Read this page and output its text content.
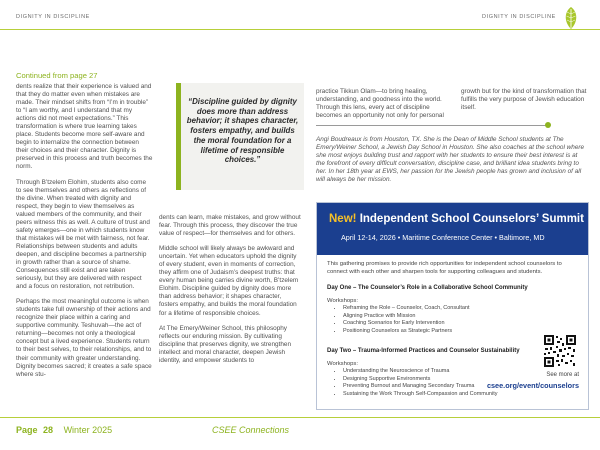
DIGNITY IN DISCIPLINE	DIGNITY IN DISCIPLINE
Continued from page 27

dents realize that their experience is valued and that they do matter even when mistakes are made. Their mindset shifts from “I’m in trouble” to “I am worthy, and I understand that my actions did not meet expectations.” This transformation is where true learning takes place. Students become more self-aware and begin to internalize the connection between their choices and their character. Dignity is preserved in this process and truth becomes the norm.

Through B’tzelem Elohim, students also come to see themselves and others as reflections of the divine. When treated with dignity and respect, they begin to view themselves as valued members of the community, and their peers witness this as well. A culture of trust and safety emerges—one in which students know that mistakes will be met with fairness, not fear. Relationships between students and adults deepen, and discipline becomes a partnership in growth rather than a source of shame. Consequences still exist and are taken seriously, but they are delivered with respect and a focus on restoration, not retribution.

Perhaps the most meaningful outcome is when students take full ownership of their actions and recognize their place within a caring and supportive community. Teshuvah—the act of returning—becomes not only a theological concept but a lived experience. Students return to their best selves, to their relationships, and to their community with greater understanding. Dignity becomes sacred; it creates a safe space where stu-

“Discipline guided by dignity does more than address behavior; it shapes character, fosters empathy, and builds the moral foundation for a lifetime of responsible choices.”

dents can learn, make mistakes, and grow without fear. Through this process, they discover the true value of respect—for themselves and for others.

Middle school will likely always be awkward and uncertain. Yet when educators uphold the dignity of every student, even in moments of correction, they affirm one of Judaism’s deepest truths: that every human being carries divine worth, B’tzelem Elohim. Discipline guided by dignity does more than address behavior; it shapes character, fosters empathy, and builds the moral foundation for a lifetime of responsible choices.

At The Emery/Weiner School, this philosophy reflects our enduring mission. By cultivating discipline that preserves dignity, we strengthen intellect and moral character, deepen Jewish identity, and empower students to

practice Tikkun Olam—to bring healing, understanding, and goodness into the world. Through this lens, every act of discipline becomes an opportunity not only for personal
growth but for the kind of transformation that fulfills the very purpose of Jewish education itself.
Angi Boudreaux is from Houston, TX. She is the Dean of Middle School students at The Emery/Weiner School, a Jewish Day School in Houston. She also coaches at the school where she most enjoys building trust and rapport with her students to ensure their best interest is at the forefront of every difficult conversation, discipline case, and brilliant idea students bring to her. In her 18th year at EWS, her passion for the Jewish people has grown and inclusion of all will always be her mission.
New! Independent School Counselors’ Summit
April 12-14, 2026 • Maritime Conference Center • Baltimore, MD
This gathering promises to provide rich opportunities for independent school counselors to connect with each other and sharpen tools for supporting colleagues and students.
Day One – The Counselor’s Role in a Collaborative School Community
Workshops:
• Reframing the Role – Counselor, Coach, Consultant
• Aligning Practice with Mission
• Coaching Scenarios for Early Intervention
• Positioning Counselors as Strategic Partners
Day Two – Trauma-Informed Practices and Counselor Sustainability
Workshops:
• Understanding the Neuroscience of Trauma
• Designing Supportive Environments
• Preventing Burnout and Managing Secondary Trauma
• Sustaining the Work Through Self-Compassion and Community
See more at
csee.org/event/counselors
Page 28 Winter 2025	CSEE Connections
